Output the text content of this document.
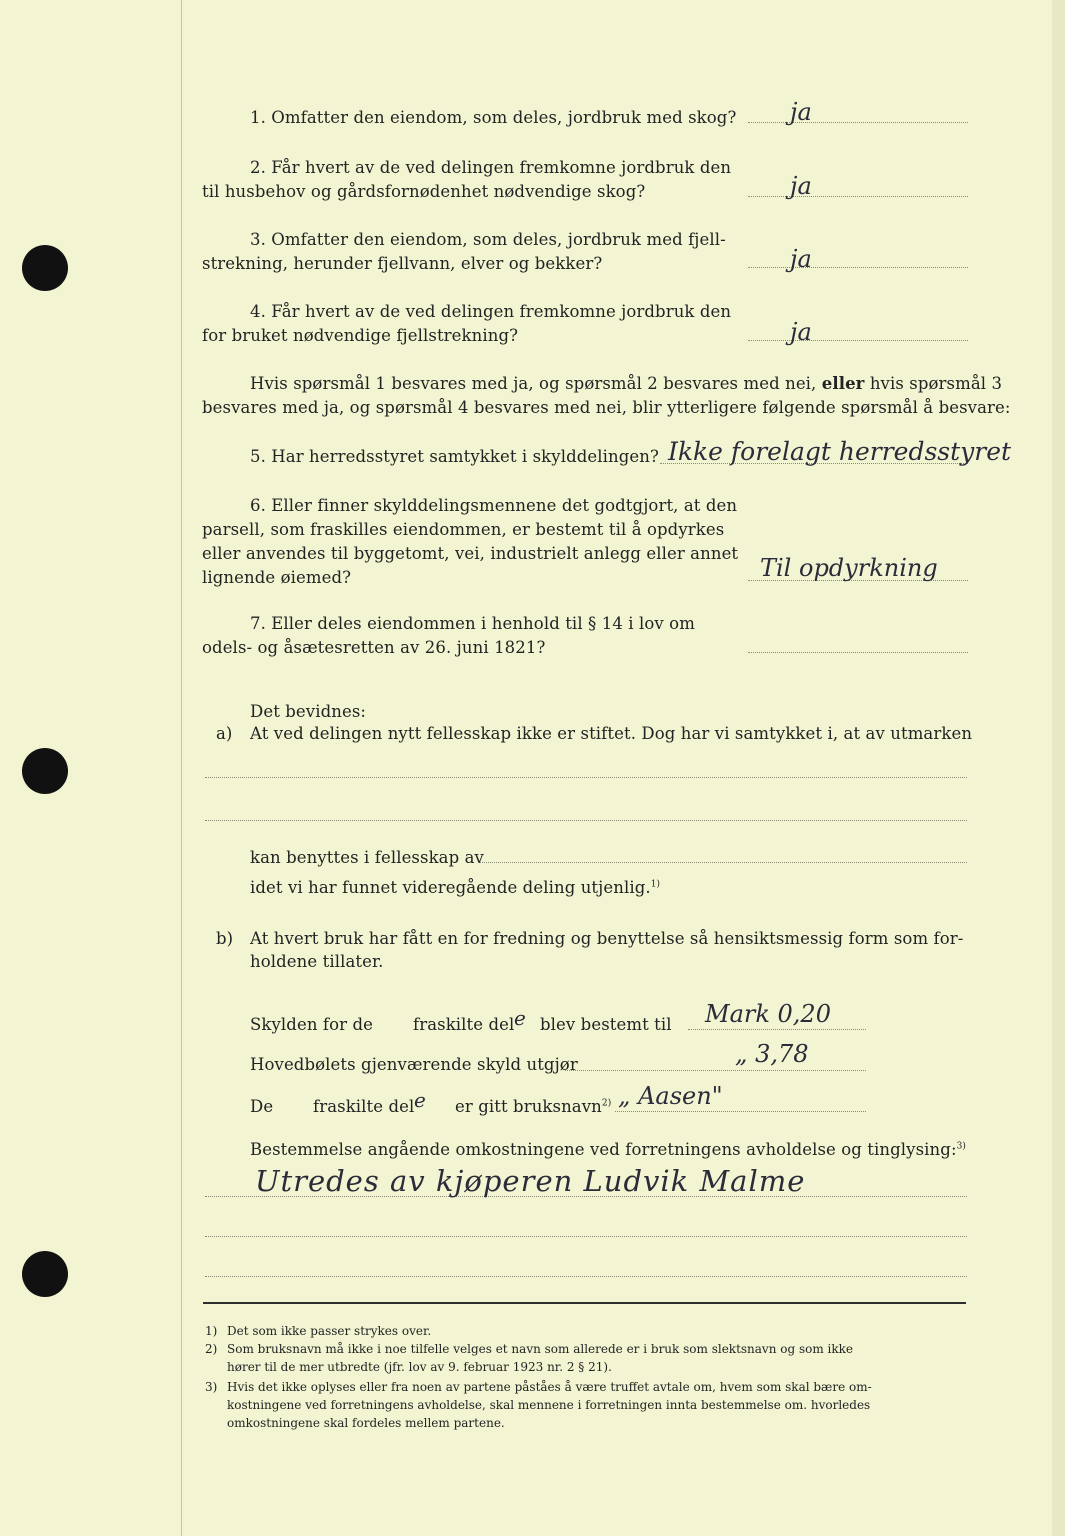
1. Omfatter den eiendom, som deles, jordbruk med skog? ja
2. Får hvert av de ved delingen fremkomne jordbruk den
til husbehov og gårdsfornødenhet nødvendige skog?	ja
3. Omfatter den eiendom, som deles, jordbruk med fjell-
strekning, herunder fjellvann, elver og bekker?	ja
4. Får hvert av de ved delingen fremkomne jordbruk den
for bruket nødvendige fjellstrekning?	ja
Hvis spørsmål 1 besvares med ja, og spørsmål 2 besvares med nei, eller hvis spørsmål 3
besvares med ja, og spørsmål 4 besvares med nei, blir ytterligere følgende spørsmål å besvare:
5. Har herredsstyret samtykket i skylddelingen? Ikke forelagt herredsstyret
6. Eller finner skylddelingsmennene det godtgjort, at den
parsell, som fraskilles eiendommen, er bestemt til å opdyrkes
eller anvendes til byggetomt, vei, industrielt anlegg eller annet
lignende øiemed?	Til opdyrkning
7. Eller deles eiendommen i henhold til § 14 i lov om
odels- og åsætesretten av 26. juni 1821?
Det bevidnes:
a) At ved delingen nytt fellesskap ikke er stiftet. Dog har vi samtykket i, at av utmarken
kan benyttes i fellesskap av
idet vi har funnet videregående deling utjenlig.$^{1)}$
b) At hvert bruk har fått en for fredning og benyttelse så hensiktsmessig form som for-
holdene tillater.
Skylden for de fraskilte del e blev bestemt til Mark 0,20
Hovedbølets gjenværende skyld utgjør	„ 3,78
De fraskilte del e er gitt bruksnavn$^{2)}$ „ Aasen"
Bestemmelse angående omkostningene ved forretningens avholdelse og tinglysing:$^{3)}$
Utredes av kjøperen Ludvik Malme
1) Det som ikke passer strykes over.
2) Som bruksnavn må ikke i noe tilfelle velges et navn som allerede er i bruk som slektsnavn og som ikke
hører til de mer utbredte (jfr. lov av 9. februar 1923 nr. 2 § 21).
3) Hvis det ikke oplyses eller fra noen av partene påståes å være truffet avtale om, hvem som skal bære om-
kostningene ved forretningens avholdelse, skal mennene i forretningen innta bestemmelse om. hvorledes
omkostningene skal fordeles mellem partene.
